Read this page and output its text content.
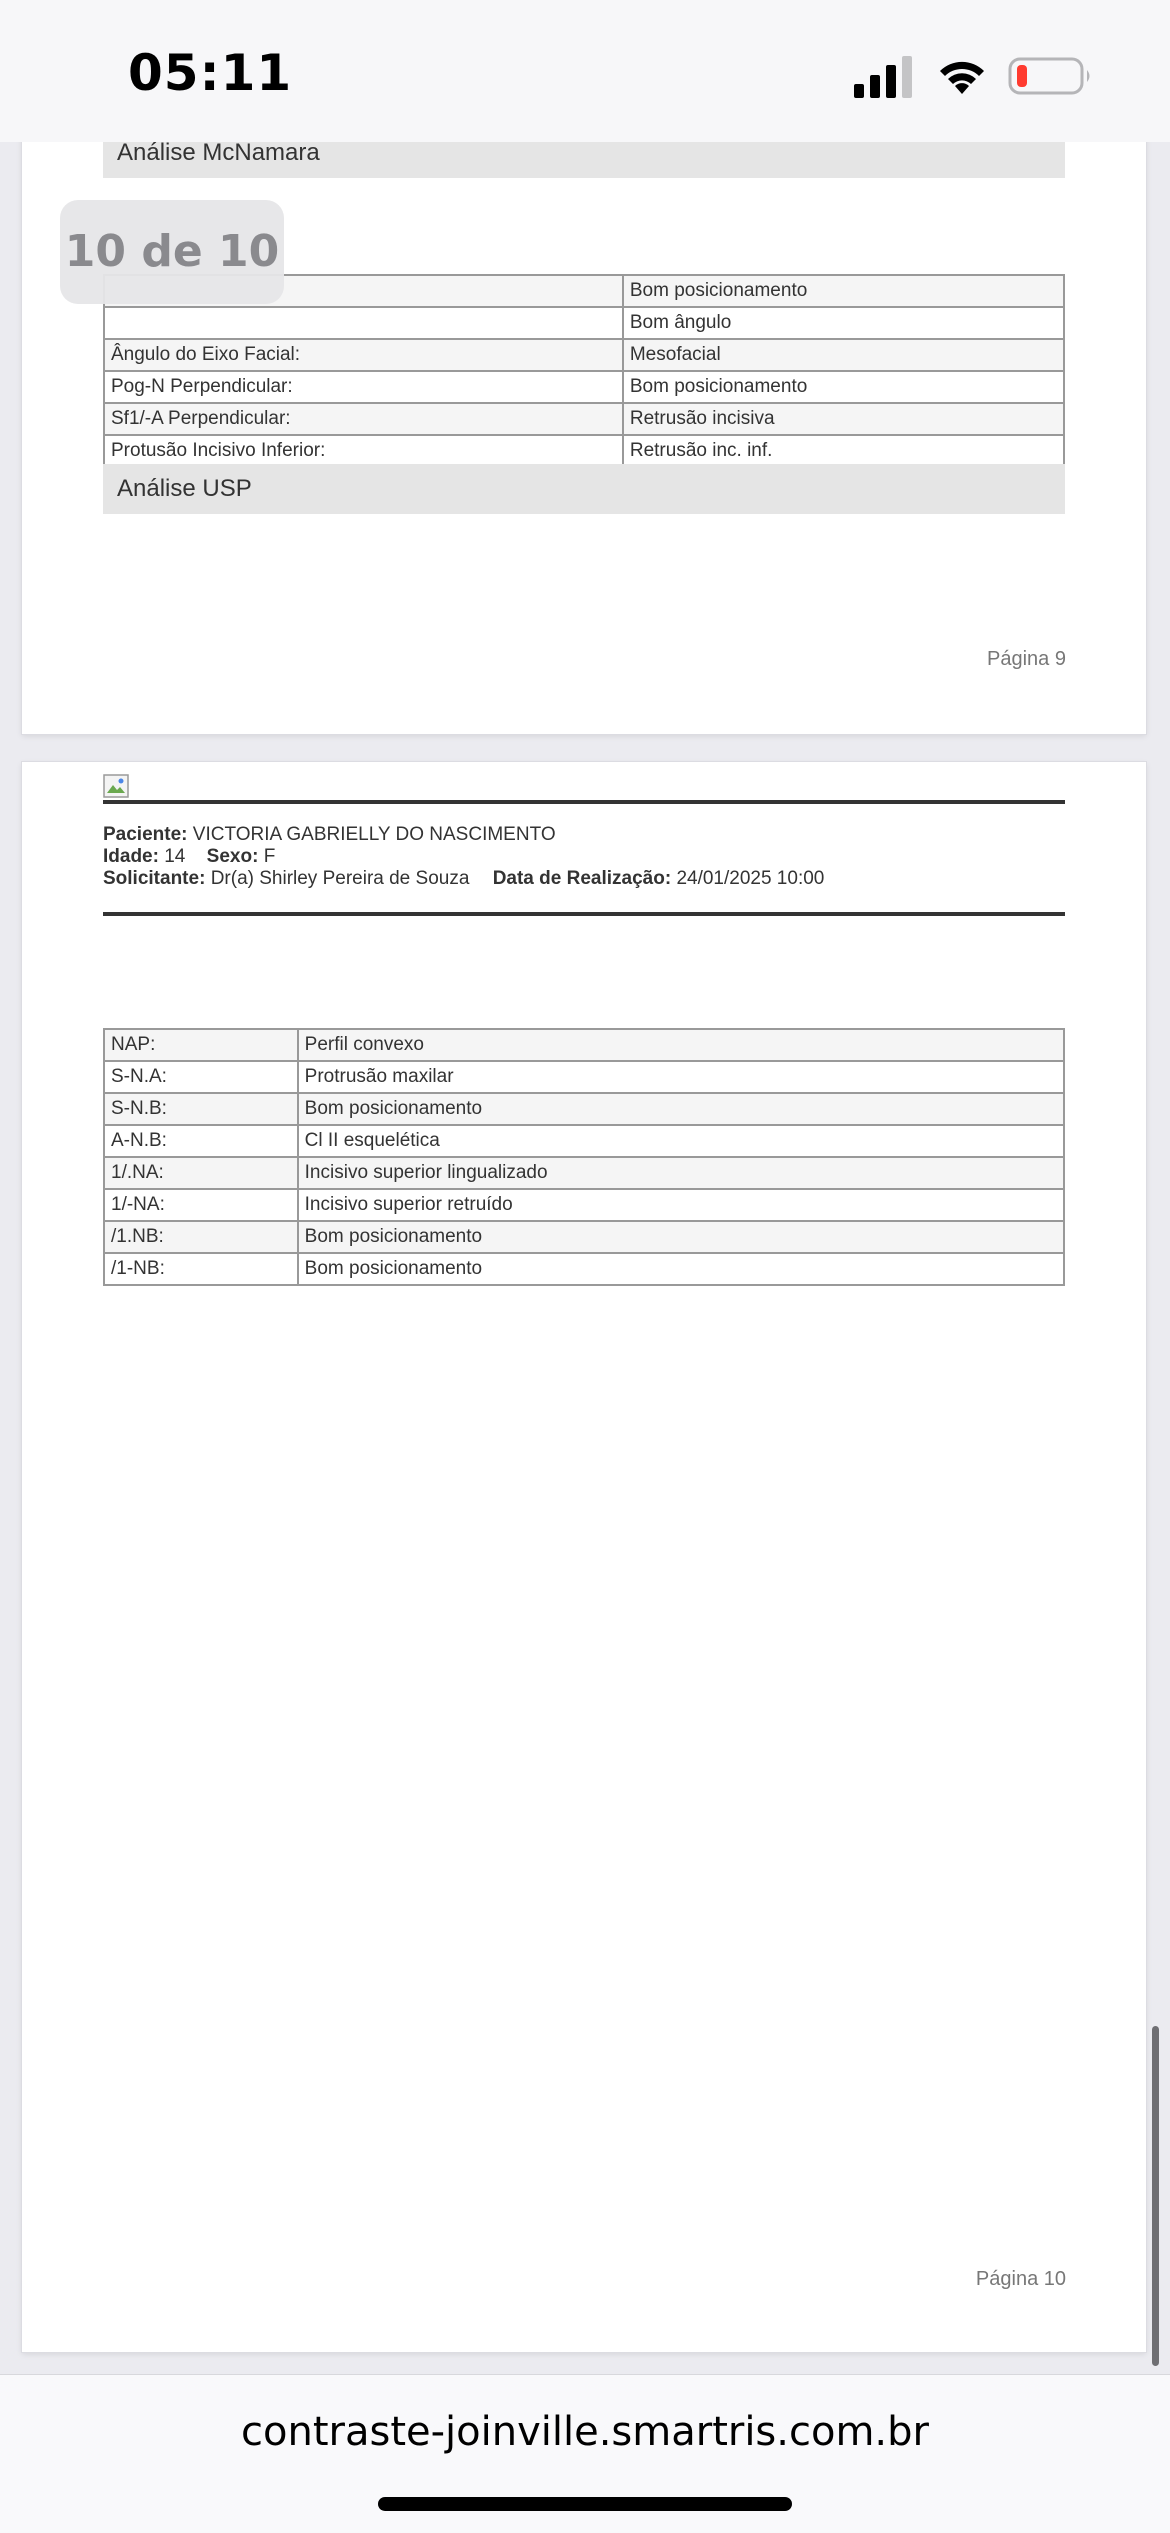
05:11
Análise McNamara
	Bom posicionamento
	Bom ângulo
Ângulo do Eixo Facial:	Mesofacial
Pog-N Perpendicular:	Bom posicionamento
Sf1/-A Perpendicular:	Retrusão incisiva
Protusão Incisivo Inferior:	Retrusão inc. inf.
Análise USP
Página 9
Paciente: VICTORIA GABRIELLY DO NASCIMENTO
Idade: 14 Sexo: F
Solicitante: Dr(a) Shirley Pereira de Souza Data de Realização: 24/01/2025 10:00
NAP:	Perfil convexo
S-N.A:	Protrusão maxilar
S-N.B:	Bom posicionamento
A-N.B:	Cl II esquelética
1/.NA:	Incisivo superior lingualizado
1/-NA:	Incisivo superior retruído
/1.NB:	Bom posicionamento
/1-NB:	Bom posicionamento
Página 10
10 de 10
contraste-joinville.smartris.com.br
